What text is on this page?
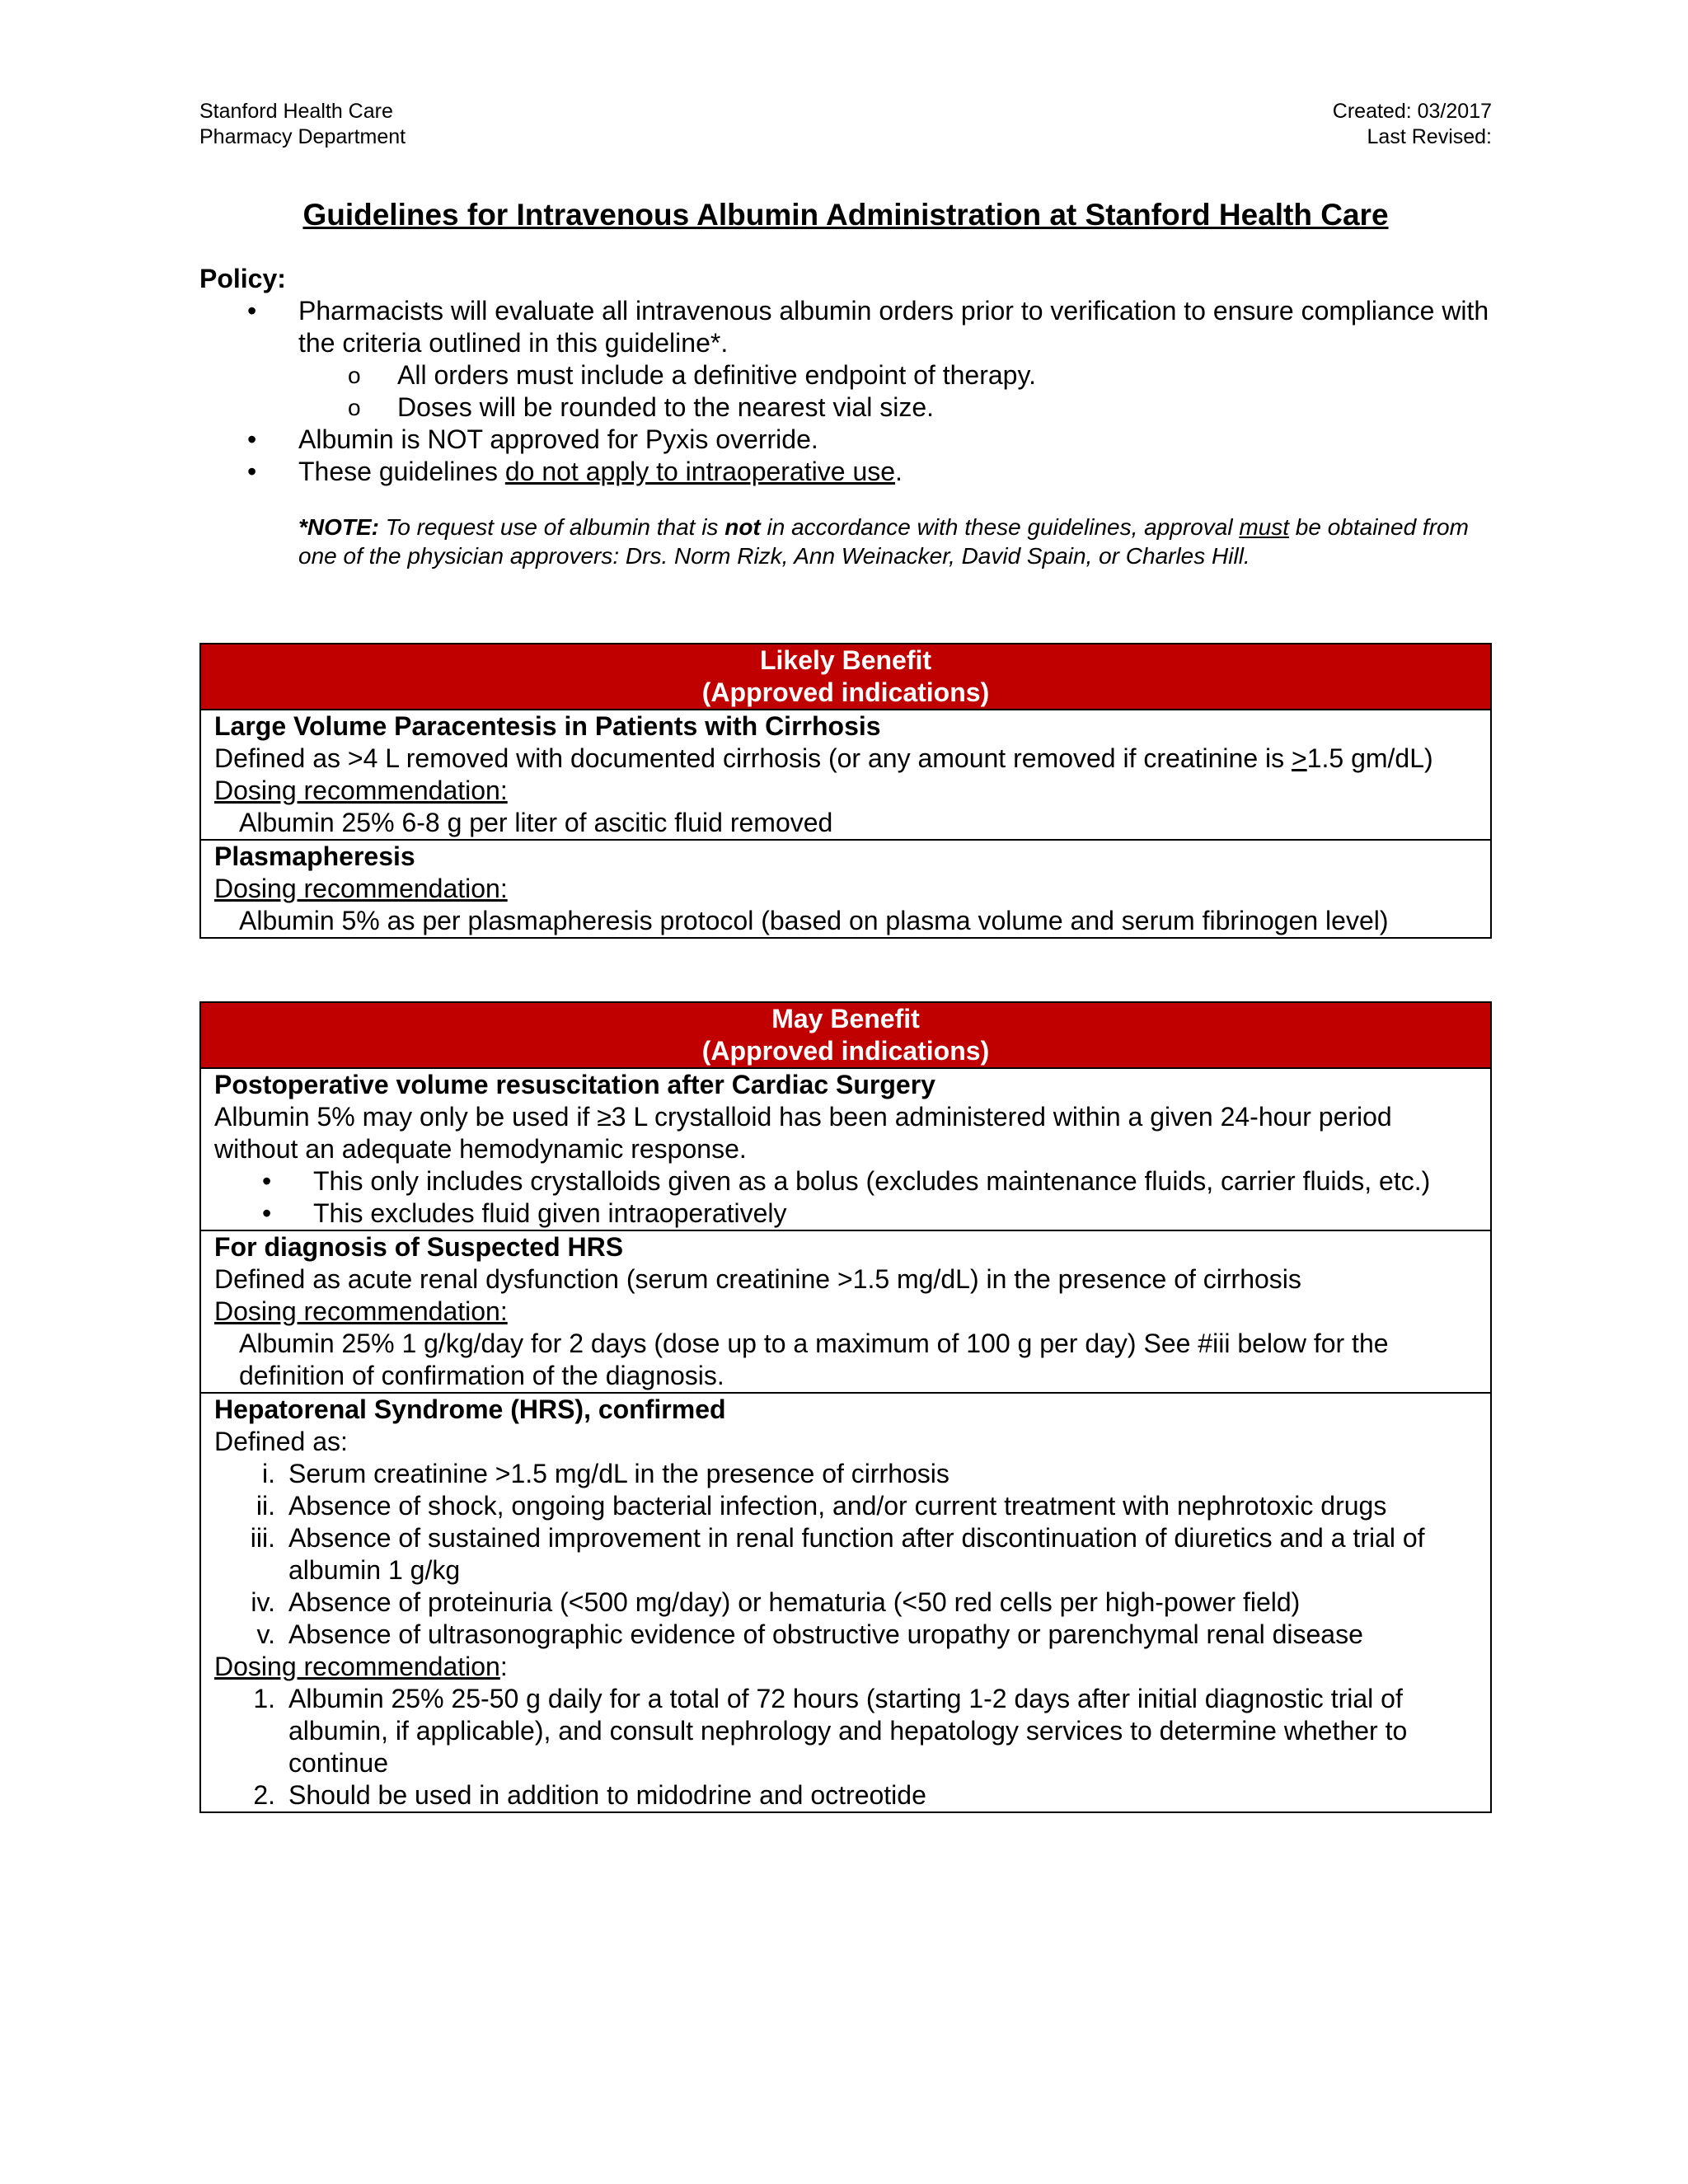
Stanford Health Care
Pharmacy Department
Created: 03/2017
Last Revised:
Guidelines for Intravenous Albumin Administration at Stanford Health Care
Policy:
• Pharmacists will evaluate all intravenous albumin orders prior to verification to ensure compliance with the criteria outlined in this guideline*.
o All orders must include a definitive endpoint of therapy.
o Doses will be rounded to the nearest vial size.
• Albumin is NOT approved for Pyxis override.
• These guidelines do not apply to intraoperative use.
*NOTE: To request use of albumin that is not in accordance with these guidelines, approval must be obtained from one of the physician approvers: Drs. Norm Rizk, Ann Weinacker, David Spain, or Charles Hill.
Likely Benefit
(Approved indications)

Large Volume Paracentesis in Patients with Cirrhosis
Defined as >4 L removed with documented cirrhosis (or any amount removed if creatinine is >1.5 gm/dL)
Dosing recommendation:
Albumin 25% 6-8 g per liter of ascitic fluid removed

Plasmapheresis
Dosing recommendation:
Albumin 5% as per plasmapheresis protocol (based on plasma volume and serum fibrinogen level)
May Benefit
(Approved indications)

Postoperative volume resuscitation after Cardiac Surgery
Albumin 5% may only be used if ≥3 L crystalloid has been administered within a given 24-hour period without an adequate hemodynamic response.
• This only includes crystalloids given as a bolus (excludes maintenance fluids, carrier fluids, etc.)
• This excludes fluid given intraoperatively

For diagnosis of Suspected HRS
Defined as acute renal dysfunction (serum creatinine >1.5 mg/dL) in the presence of cirrhosis
Dosing recommendation:
Albumin 25% 1 g/kg/day for 2 days (dose up to a maximum of 100 g per day) See #iii below for the definition of confirmation of the diagnosis.

Hepatorenal Syndrome (HRS), confirmed
Defined as:
i. Serum creatinine >1.5 mg/dL in the presence of cirrhosis
ii. Absence of shock, ongoing bacterial infection, and/or current treatment with nephrotoxic drugs
iii. Absence of sustained improvement in renal function after discontinuation of diuretics and a trial of albumin 1 g/kg
iv. Absence of proteinuria (<500 mg/day) or hematuria (<50 red cells per high-power field)
v. Absence of ultrasonographic evidence of obstructive uropathy or parenchymal renal disease
Dosing recommendation:
1. Albumin 25% 25-50 g daily for a total of 72 hours (starting 1-2 days after initial diagnostic trial of albumin, if applicable), and consult nephrology and hepatology services to determine whether to continue
2. Should be used in addition to midodrine and octreotide
